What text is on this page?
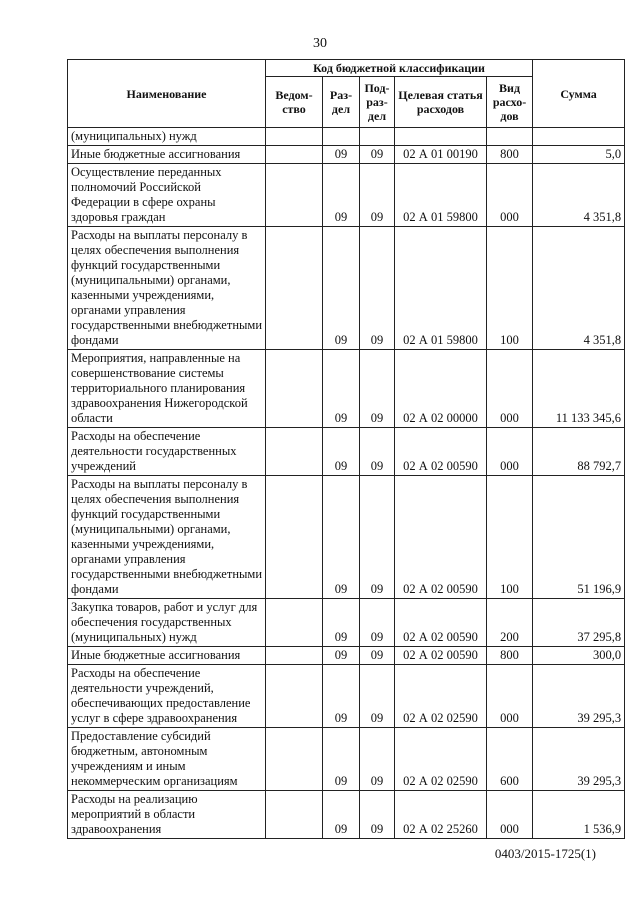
30
Наименование	Код бюджетной классификации					Сумма
	Ведом-ство	Раз-дел	Под-раз-дел	Целевая статья расходов	Вид расхо-дов	
(муниципальных) нужд						
Иные бюджетные ассигнования		09	09	02 А 01 00190	800	5,0
Осуществление переданных полномочий Российской Федерации в сфере охраны здоровья граждан		09	09	02 А 01 59800	000	4 351,8
Расходы на выплаты персоналу в целях обеспечения выполнения функций государственными (муниципальными) органами, казенными учреждениями, органами управления государственными внебюджетными фондами		09	09	02 А 01 59800	100	4 351,8
Мероприятия, направленные на совершенствование системы территориального планирования здравоохранения Нижегородской области		09	09	02 А 02 00000	000	11 133 345,6
Расходы на обеспечение деятельности государственных учреждений		09	09	02 А 02 00590	000	88 792,7
Расходы на выплаты персоналу в целях обеспечения выполнения функций государственными (муниципальными) органами, казенными учреждениями, органами управления государственными внебюджетными фондами		09	09	02 А 02 00590	100	51 196,9
Закупка товаров, работ и услуг для обеспечения государственных (муниципальных) нужд		09	09	02 А 02 00590	200	37 295,8
Иные бюджетные ассигнования		09	09	02 А 02 00590	800	300,0
Расходы на обеспечение деятельности учреждений, обеспечивающих предоставление услуг в сфере здравоохранения		09	09	02 А 02 02590	000	39 295,3
Предоставление субсидий бюджетным, автономным учреждениям и иным некоммерческим организациям		09	09	02 А 02 02590	600	39 295,3
Расходы на реализацию мероприятий в области здравоохранения		09	09	02 А 02 25260	000	1 536,9
0403/2015-1725(1)
